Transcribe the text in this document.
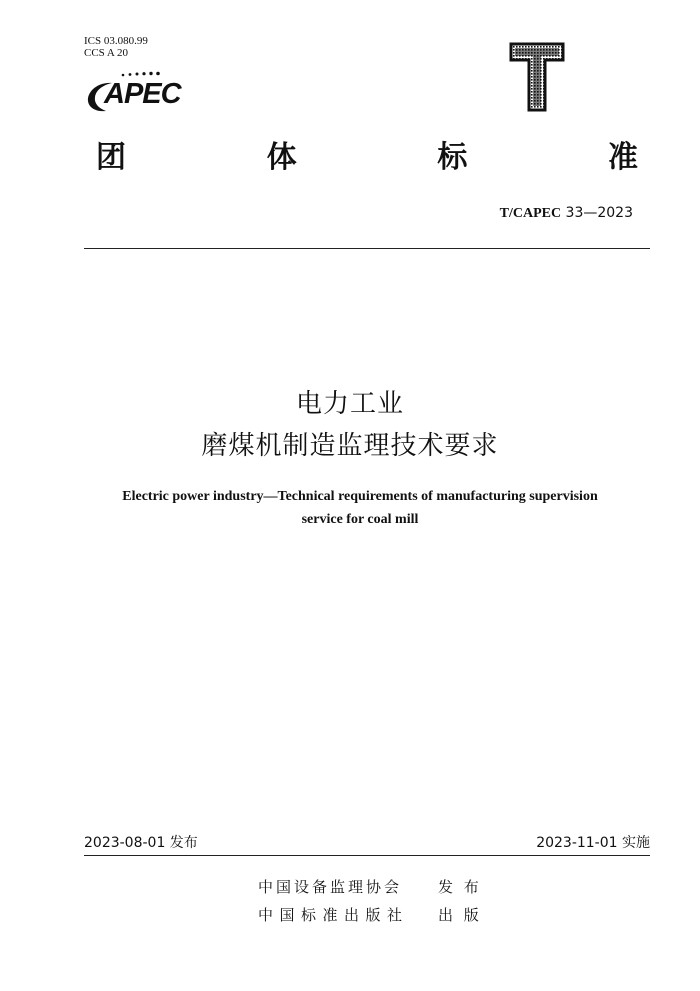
ICS 03.080.99
CCS A 20
APEC
团	体	标	准
T/CAPEC 33—2023
电力工业
磨煤机制造监理技术要求
Electric power industry—Technical requirements of manufacturing supervision
service for coal mill
2023-08-01 发布	2023-11-01 实施
中国设备监理协会 发 布
中国标准出版社 出 版
